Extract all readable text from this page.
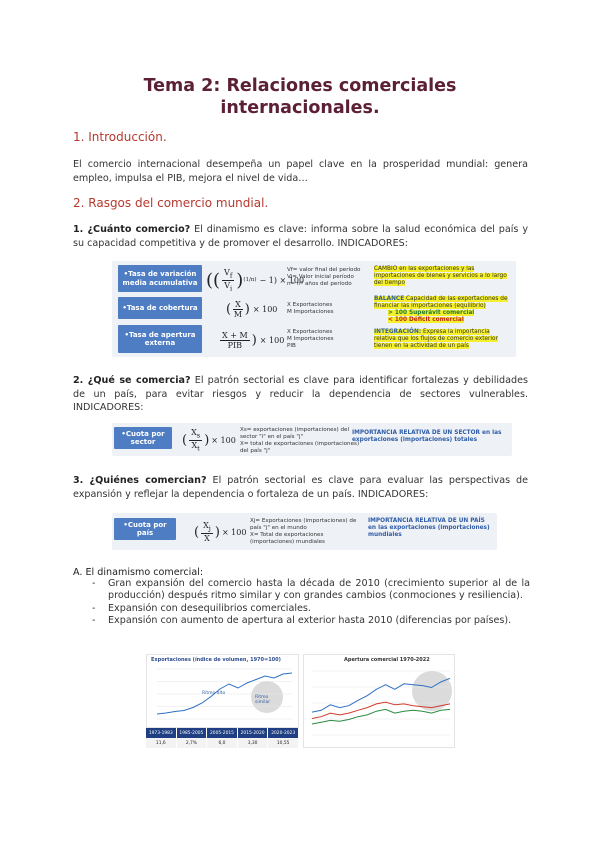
Tema 2: Relaciones comerciales
internacionales.
1. Introducción.
El comercio internacional desempeña un papel clave en la prosperidad mundial: genera empleo, impulsa el PIB, mejora el nivel de vida…
2. Rasgos del comercio mundial.
1. ¿Cuánto comercio? El dinamismo es clave: informa sobre la salud económica del país y su capacidad competitiva y de promover el desarrollo. INDICADORES:
•Tasa de variación media acumulativa (( $\frac{V_f}{V_i}$ ) (1/n) − 1) × 100
Vf= valor final del período
Vi= Valor inicial período
n= nº años del período
CAMBIO en las exportaciones y las importaciones de bienes y servicios a lo largo del tiempo
•Tasa de cobertura	( $\frac{X}{M}$ ) × 100 X Exportaciones
M Importaciones
BALANCE Capacidad de las exportaciones de financiar las importaciones (equilibrio)
> 100 Superávit comercial
< 100 Déficit comercial
•Tasa de apertura externa	$\frac{X + M}{\text{PIB}}$ ) × 100
X Exportaciones
M Importaciones
PIB
INTEGRACIÓN: Expresa la importancia relativa que los flujos de comercio exterior tienen en la actividad de un país
2. ¿Qué se comercia? El patrón sectorial es clave para identificar fortalezas y debilidades de un país, para evitar riesgos y reducir la dependencia de sectores vulnerables. INDICADORES:
•Cuota por sector	( $\frac{X_s}{X_t}$ ) × 100
Xs= exportaciones (importaciones) del sector "i" en el país "j"
X= total de exportaciones (importaciones) del país "j"
IMPORTANCIA RELATIVA DE UN SECTOR en las exportaciones (importaciones) totales
3. ¿Quiénes comercian? El patrón sectorial es clave para evaluar las perspectivas de expansión y reflejar la dependencia o fortaleza de un país. INDICADORES:
•Cuota por país	( $\frac{X_j}{X}$ ) × 100
Xj= Exportaciones (importaciones) de país "j" en el mundo
X= Total de exportaciones (importaciones) mundiales
IMPORTANCIA RELATIVA DE UN PAÍS en las exportaciones (importaciones) mundiales
A. El dinamismo comercial:
- Gran expansión del comercio hasta la década de 2010 (crecimiento superior al de la producción) después ritmo similar y con grandes cambios (conmociones y resiliencia).
- Expansión con desequilibrios comerciales.
- Expansión con aumento de apertura al exterior hasta 2010 (diferencias por países).
Exportaciones (índice de volumen, 1970=100)
Ritmo alto
Ritmo similar
1973-1983	1985-2005	2005-2015	2015-2020	2020-2023
11,6	2,7%	6,0	3,30	10,55
Apertura comercial 1970-2022
